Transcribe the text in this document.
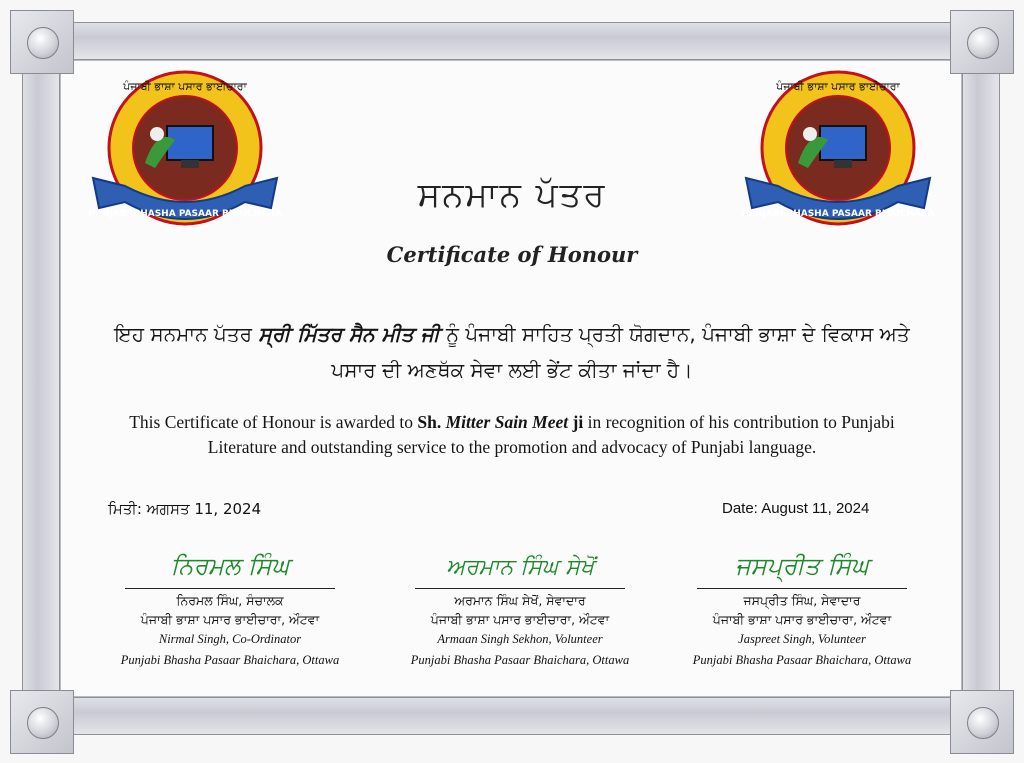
ਪੰਜਾਬੀ ਭਾਸ਼ਾ ਪਸਾਰ ਭਾਈਚਾਰਾ
PUNJABI BHASHA PASAAR BHAICHARA
ਪੰਜਾਬੀ ਭਾਸ਼ਾ ਪਸਾਰ ਭਾਈਚਾਰਾ
PUNJABI BHASHA PASAAR BHAICHARA
ਸਨਮਾਨ ਪੱਤਰ
Certificate of Honour
ਇਹ ਸਨਮਾਨ ਪੱਤਰ ਸ੍ਰੀ ਮਿੱਤਰ ਸੈਨ ਮੀਤ ਜੀ ਨੂੰ ਪੰਜਾਬੀ ਸਾਹਿਤ ਪ੍ਰਤੀ ਯੋਗਦਾਨ, ਪੰਜਾਬੀ ਭਾਸ਼ਾ ਦੇ ਵਿਕਾਸ ਅਤੇ ਪਸਾਰ ਦੀ ਅਣਥੱਕ ਸੇਵਾ ਲਈ ਭੇਂਟ ਕੀਤਾ ਜਾਂਦਾ ਹੈ।
This Certificate of Honour is awarded to Sh. Mitter Sain Meet ji in recognition of his contribution to Punjabi Literature and outstanding service to the promotion and advocacy of Punjabi language.
ਮਿਤੀ: ਅਗਸਤ 11, 2024	Date: August 11, 2024
ਨਿਰਮਲ ਸਿੰਘ
ਨਿਰਮਲ ਸਿੰਘ, ਸੰਚਾਲਕ
ਪੰਜਾਬੀ ਭਾਸ਼ਾ ਪਸਾਰ ਭਾਈਚਾਰਾ, ਔਟਵਾ
Nirmal Singh, Co-Ordinator
Punjabi Bhasha Pasaar Bhaichara, Ottawa
ਅਰਮਾਨ ਸਿੰਘ ਸੇਖੋਂ
ਅਰਮਾਨ ਸਿੰਘ ਸੇਖੋਂ, ਸੇਵਾਦਾਰ
ਪੰਜਾਬੀ ਭਾਸ਼ਾ ਪਸਾਰ ਭਾਈਚਾਰਾ, ਔਟਵਾ
Armaan Singh Sekhon, Volunteer
Punjabi Bhasha Pasaar Bhaichara, Ottawa
ਜਸਪ੍ਰੀਤ ਸਿੰਘ
ਜਸਪ੍ਰੀਤ ਸਿੰਘ, ਸੇਵਾਦਾਰ
ਪੰਜਾਬੀ ਭਾਸ਼ਾ ਪਸਾਰ ਭਾਈਚਾਰਾ, ਔਟਵਾ
Jaspreet Singh, Volunteer
Punjabi Bhasha Pasaar Bhaichara, Ottawa
